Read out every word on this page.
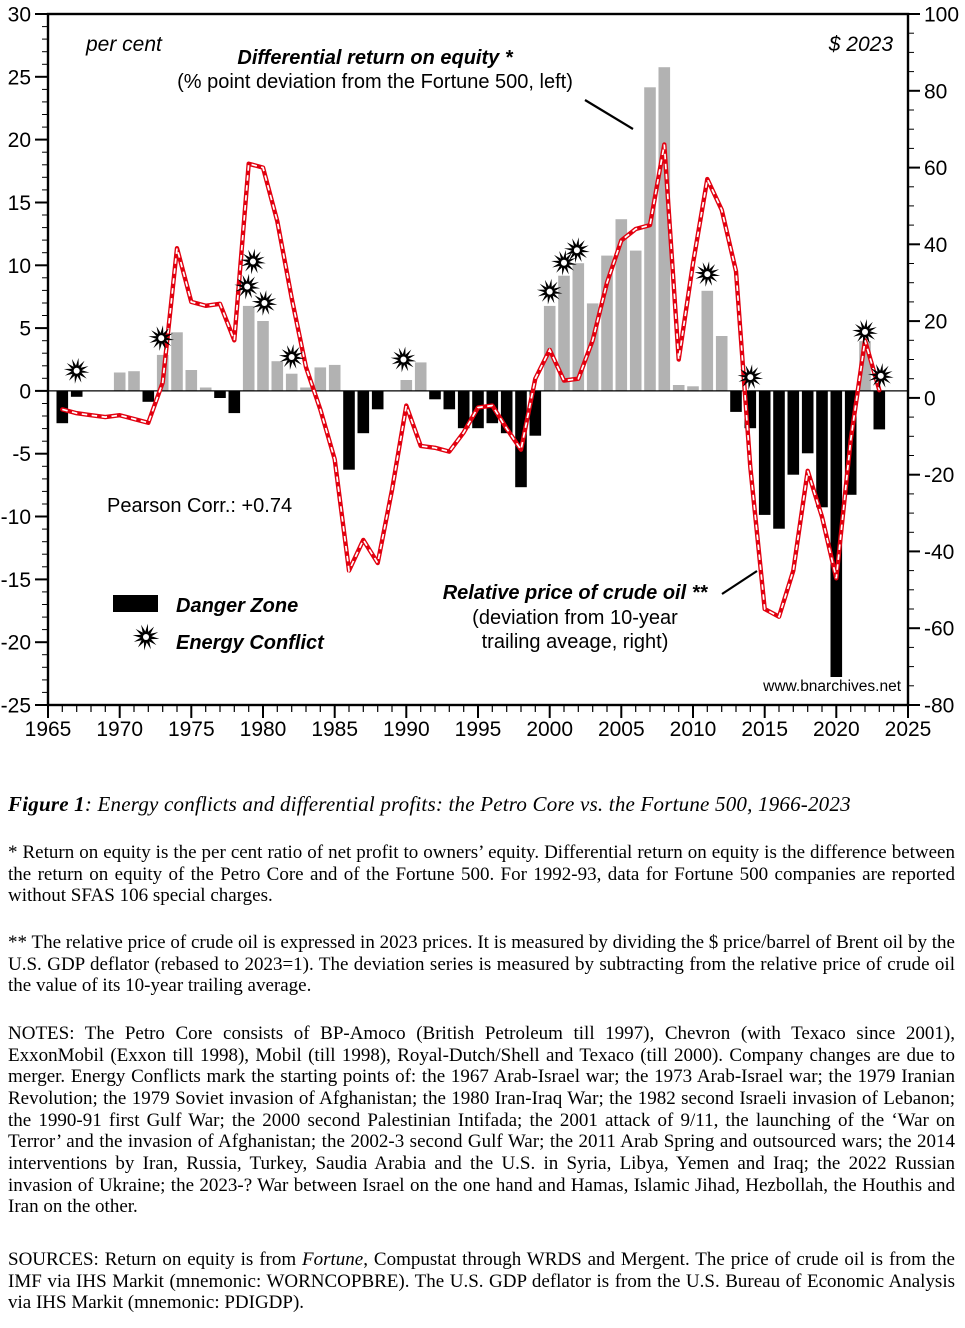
1965 1970 1975 1980 1985 1990 1995 2000 2005 2010 2015 2020 2025
30
25
20
15
10
5
0
-5
-10
-15
-20
-25
100
80
60
40
20
0
-20
-40
-60
-80
per cent	$ 2023
Differential return on equity *
(% point deviation from the Fortune 500, left)
Pearson Corr.: +0.74
Danger Zone
Energy Conflict
Relative price of crude oil **
(deviation from 10-year
trailing aveage, right)
www.bnarchives.net
Figure 1: Energy conflicts and differential profits: the Petro Core vs. the Fortune 500, 1966-2023
* Return on equity is the per cent ratio of net profit to owners’ equity. Differential return on equity is the difference between the return on equity of the Petro Core and of the Fortune 500. For 1992-93, data for Fortune 500 companies are reported without SFAS 106 special charges.
** The relative price of crude oil is expressed in 2023 prices. It is measured by dividing the $ price/barrel of Brent oil by the U.S. GDP deflator (rebased to 2023=1). The deviation series is measured by subtracting from the relative price of crude oil the value of its 10-year trailing average.
NOTES: The Petro Core consists of BP-Amoco (British Petroleum till 1997), Chevron (with Texaco since 2001), ExxonMobil (Exxon till 1998), Mobil (till 1998), Royal-Dutch/Shell and Texaco (till 2000). Company changes are due to merger. Energy Conflicts mark the starting points of: the 1967 Arab-Israel war; the 1973 Arab-Israel war; the 1979 Iranian Revolution; the 1979 Soviet invasion of Afghanistan; the 1980 Iran-Iraq War; the 1982 second Israeli invasion of Lebanon; the 1990-91 first Gulf War; the 2000 second Palestinian Intifada; the 2001 attack of 9/11, the launching of the ‘War on Terror’ and the invasion of Afghanistan; the 2002-3 second Gulf War; the 2011 Arab Spring and outsourced wars; the 2014 interventions by Iran, Russia, Turkey, Saudia Arabia and the U.S. in Syria, Libya, Yemen and Iraq; the 2022 Russian invasion of Ukraine; the 2023-? War between Israel on the one hand and Hamas, Islamic Jihad, Hezbollah, the Houthis and Iran on the other.
SOURCES: Return on equity is from Fortune, Compustat through WRDS and Mergent. The price of crude oil is from the IMF via IHS Markit (mnemonic: WORNCOPBRE). The U.S. GDP deflator is from the U.S. Bureau of Economic Analysis via IHS Markit (mnemonic: PDIGDP).
